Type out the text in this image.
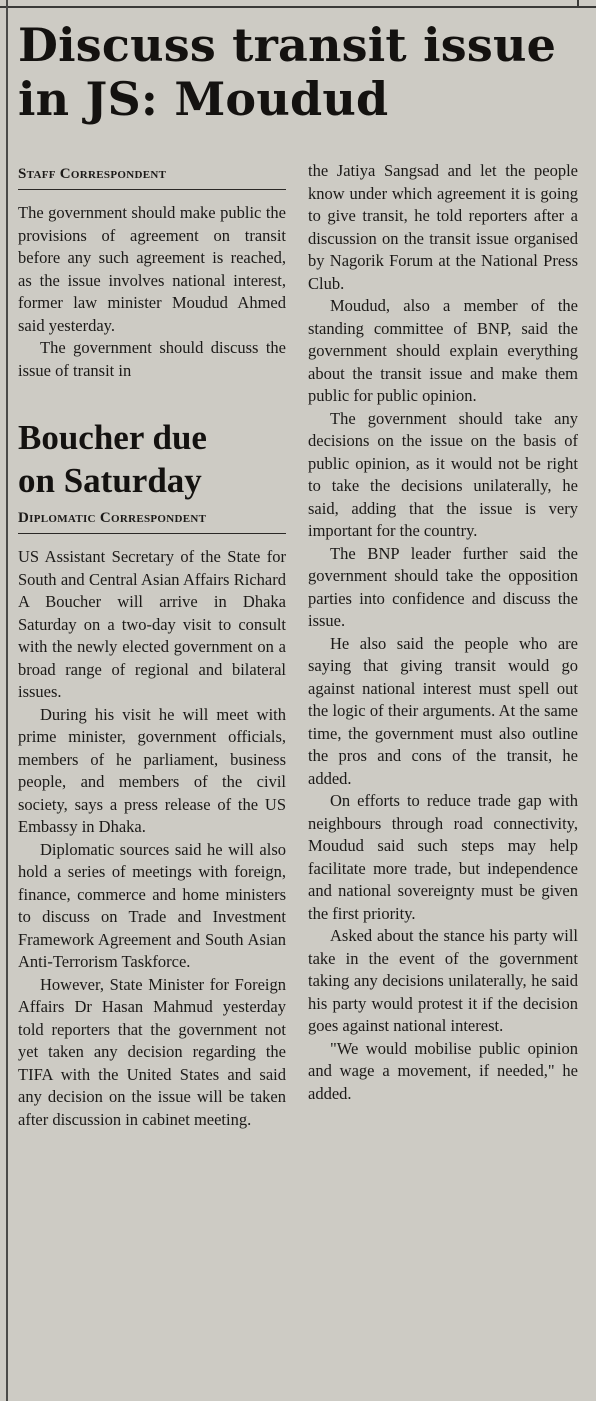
Discuss transit issue
in JS: Moudud

Staff Correspondent

The government should make public the provisions of agreement on transit before any such agreement is reached, as the issue involves national interest, former law minister Moudud Ahmed said yesterday.

The government should discuss the issue of transit in

Boucher due
on Saturday

Diplomatic Correspondent

US Assistant Secretary of the State for South and Central Asian Affairs Richard A Boucher will arrive in Dhaka Saturday on a two-day visit to consult with the newly elected government on a broad range of regional and bilateral issues.

During his visit he will meet with prime minister, government officials, members of he parliament, business people, and members of the civil society, says a press release of the US Embassy in Dhaka.

Diplomatic sources said he will also hold a series of meetings with foreign, finance, commerce and home ministers to discuss on Trade and Investment Framework Agreement and South Asian Anti-Terrorism Taskforce.

However, State Minister for Foreign Affairs Dr Hasan Mahmud yesterday told reporters that the government not yet taken any decision regarding the TIFA with the United States and said any decision on the issue will be taken after discussion in cabinet meeting.

the Jatiya Sangsad and let the people know under which agreement it is going to give transit, he told reporters after a discussion on the transit issue organised by Nagorik Forum at the National Press Club.

Moudud, also a member of the standing committee of BNP, said the government should explain everything about the transit issue and make them public for public opinion.

The government should take any decisions on the issue on the basis of public opinion, as it would not be right to take the decisions unilaterally, he said, adding that the issue is very important for the country.

The BNP leader further said the government should take the opposition parties into confidence and discuss the issue.

He also said the people who are saying that giving transit would go against national interest must spell out the logic of their arguments. At the same time, the government must also outline the pros and cons of the transit, he added.

On efforts to reduce trade gap with neighbours through road connectivity, Moudud said such steps may help facilitate more trade, but independence and national sovereignty must be given the first priority.

Asked about the stance his party will take in the event of the government taking any decisions unilaterally, he said his party would protest it if the decision goes against national interest.

"We would mobilise public opinion and wage a movement, if needed," he added.
